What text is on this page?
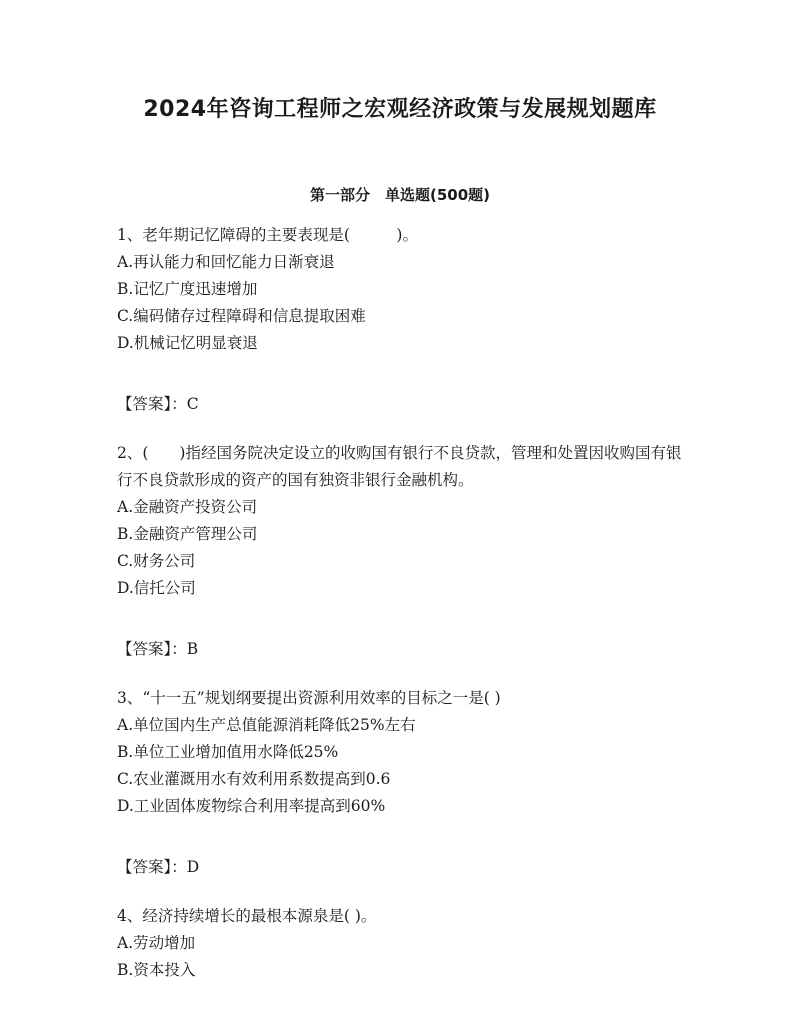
2024年咨询工程师之宏观经济政策与发展规划题库
第一部分　单选题(500题)

1、老年期记忆障碍的主要表现是(　　　)。

A.再认能力和回忆能力日渐衰退

B.记忆广度迅速增加

C.编码储存过程障碍和信息提取困难

D.机械记忆明显衰退

【答案】：C

2、(　　)指经国务院决定设立的收购国有银行不良贷款，管理和处置因收购国有银行不良贷款形成的资产的国有独资非银行金融机构。

A.金融资产投资公司

B.金融资产管理公司

C.财务公司

D.信托公司

【答案】：B

3、“十一五”规划纲要提出资源利用效率的目标之一是( )

A.单位国内生产总值能源消耗降低25%左右

B.单位工业增加值用水降低25%

C.农业灌溉用水有效利用系数提高到0.6

D.工业固体废物综合利用率提高到60%

【答案】：D

4、经济持续增长的最根本源泉是( )。

A.劳动增加

B.资本投入
